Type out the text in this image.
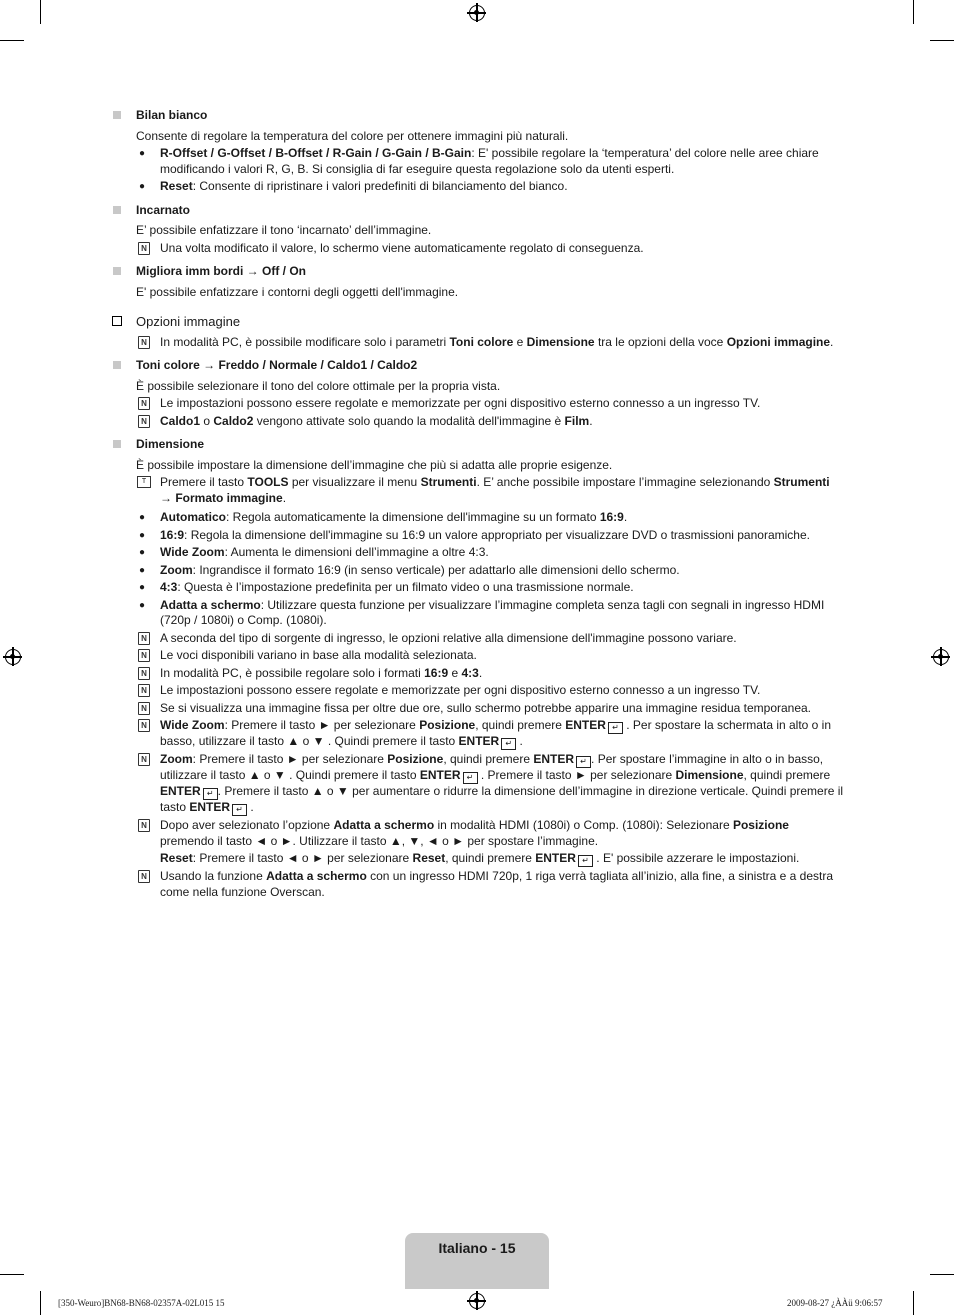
Bilan bianco
Consente di regolare la temperatura del colore per ottenere immagini più naturali.
● R-Offset / G-Offset / B-Offset / R-Gain / G-Gain / B-Gain: E' possibile regolare la ‘temperatura’ del colore nelle aree chiare modificando i valori R, G, B. Si consiglia di far eseguire questa regolazione solo da utenti esperti.
● Reset: Consente di ripristinare i valori predefiniti di bilanciamento del bianco.
Incarnato
E’ possibile enfatizzare il tono ‘incarnato’ dell’immagine.
N Una volta modificato il valore, lo schermo viene automaticamente regolato di conseguenza.
Migliora imm bordi → Off / On
E' possibile enfatizzare i contorni degli oggetti dell'immagine.
Opzioni immagine
N In modalità PC, è possibile modificare solo i parametri Toni colore e Dimensione tra le opzioni della voce Opzioni immagine.
Toni colore → Freddo / Normale / Caldo1 / Caldo2
È possibile selezionare il tono del colore ottimale per la propria vista.
N Le impostazioni possono essere regolate e memorizzate per ogni dispositivo esterno connesso a un ingresso TV.
N Caldo1 o Caldo2 vengono attivate solo quando la modalità dell'immagine è Film.
Dimensione
È possibile impostare la dimensione dell’immagine che più si adatta alle proprie esigenze.
T	Premere il tasto TOOLS per visualizzare il menu Strumenti. E’ anche possibile impostare l’immagine selezionando Strumenti → Formato immagine.
● Automatico: Regola automaticamente la dimensione dell'immagine su un formato 16:9.
● 16:9: Regola la dimensione dell'immagine su 16:9 un valore appropriato per visualizzare DVD o trasmissioni panoramiche.
● Wide Zoom: Aumenta le dimensioni dell’immagine a oltre 4:3.
● Zoom: Ingrandisce il formato 16:9 (in senso verticale) per adattarlo alle dimensioni dello schermo.
● 4:3: Questa è l’impostazione predefinita per un filmato video o una trasmissione normale.
● Adatta a schermo: Utilizzare questa funzione per visualizzare l’immagine completa senza tagli con segnali in ingresso HDMI (720p / 1080i) o Comp. (1080i).
N A seconda del tipo di sorgente di ingresso, le opzioni relative alla dimensione dell'immagine possono variare.
N Le voci disponibili variano in base alla modalità selezionata.
N In modalità PC, è possibile regolare solo i formati 16:9 e 4:3.
N Le impostazioni possono essere regolate e memorizzate per ogni dispositivo esterno connesso a un ingresso TV.
N Se si visualizza una immagine fissa per oltre due ore, sullo schermo potrebbe apparire una immagine residua temporanea.
N Wide Zoom: Premere il tasto ► per selezionare Posizione, quindi premere ENTER ↵ . Per spostare la schermata in alto o in basso, utilizzare il tasto ▲ o ▼ . Quindi premere il tasto ENTER ↵ .
N Zoom: Premere il tasto ► per selezionare Posizione, quindi premere ENTER ↵ . Per spostare l’immagine in alto o in basso, utilizzare il tasto ▲ o ▼ . Quindi premere il tasto ENTER ↵ . Premere il tasto ► per selezionare Dimensione, quindi premere ENTER ↵ . Premere il tasto ▲ o ▼ per aumentare o ridurre la dimensione dell’immagine in direzione verticale. Quindi premere il tasto ENTER ↵ .
N Dopo aver selezionato l’opzione Adatta a schermo in modalità HDMI (1080i) o Comp. (1080i): Selezionare Posizione premendo il tasto ◄ o ►. Utilizzare il tasto ▲, ▼, ◄ o ► per spostare l’immagine.
Reset: Premere il tasto ◄ o ► per selezionare Reset, quindi premere ENTER ↵ . E' possibile azzerare le impostazioni.
N Usando la funzione Adatta a schermo con un ingresso HDMI 720p, 1 riga verrà tagliata all’inizio, alla fine, a sinistra e a destra come nella funzione Overscan.
Italiano - 15
[350-Weuro]BN68-BN68-02357A-02L015 15	2009-08-27 ¿ÀÀü 9:06:57
